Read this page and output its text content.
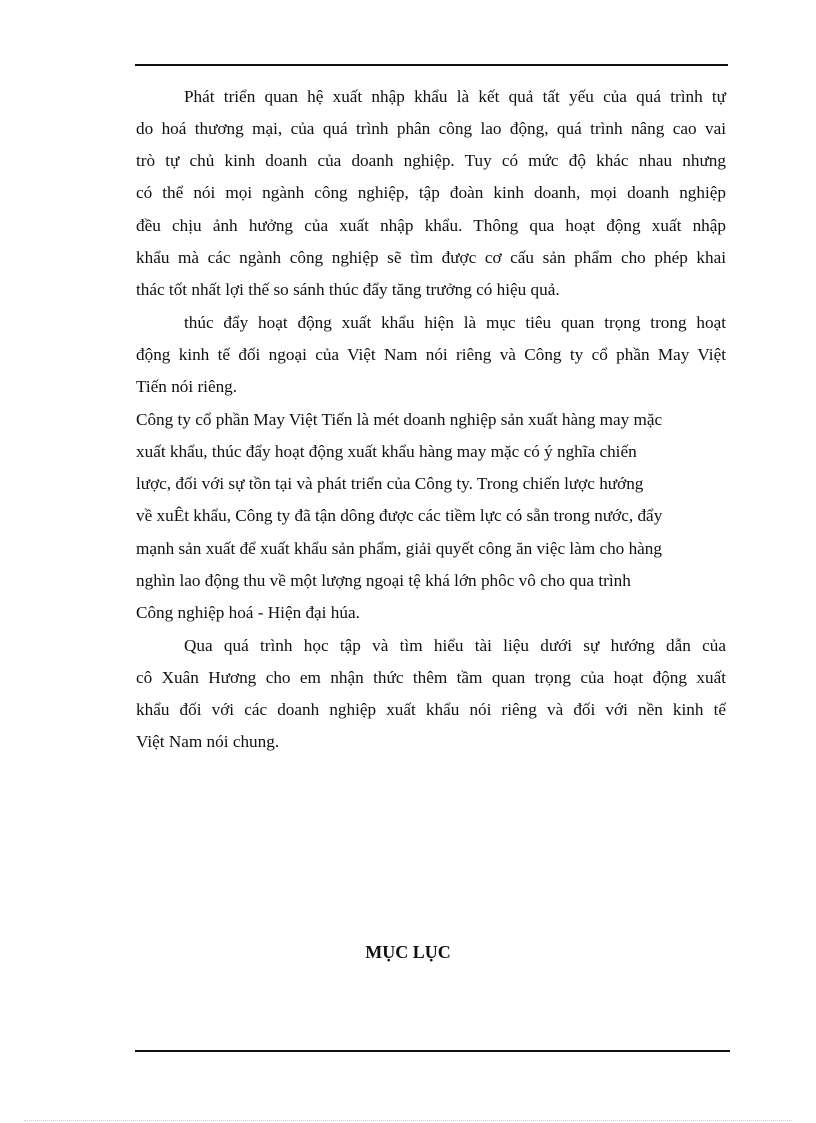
Phát triển quan hệ xuất nhập khẩu là kết quả tất yếu của quá trình tự
do hoá thương mại, của quá trình phân công lao động, quá trình nâng cao vai
trò tự chủ kinh doanh của doanh nghiệp. Tuy có mức độ khác nhau nhưng
có thể nói mọi ngành công nghiệp, tập đoàn kinh doanh, mọi doanh nghiệp
đều chịu ảnh hưởng của xuất nhập khẩu. Thông qua hoạt động xuất nhập
khẩu mà các ngành công nghiệp sẽ tìm được cơ cấu sản phẩm cho phép khai
thác tốt nhất lợi thế so sánh thúc đẩy tăng trưởng có hiệu quả.
thúc đẩy hoạt động xuất khẩu hiện là mục tiêu quan trọng trong hoạt
động kinh tế đối ngoại của Việt Nam nói riêng và Công ty cổ phần May Việt
Tiến nói riêng.
Công ty cổ phần May Việt Tiến là mét doanh nghiệp sản xuất hàng may mặc
xuất khẩu, thúc đẩy hoạt động xuất khẩu hàng may mặc có ý nghĩa chiến
lược, đối với sự tồn tại và phát triển của Công ty. Trong chiến lược hướng
về xuÊt khẩu, Công ty đã tận dông được các tiềm lực có sẵn trong nước, đẩy
mạnh sản xuất để xuất khẩu sản phẩm, giải quyết công ăn việc làm cho hàng
nghìn lao động thu về một lượng ngoại tệ khá lớn phôc vô cho qua trình
Công nghiệp hoá - Hiện đại húa.
Qua quá trình học tập và tìm hiểu tài liệu dưới sự hướng dẫn của
cô Xuân Hương cho em nhận thức thêm tầm quan trọng của hoạt động xuất
khẩu đối với các doanh nghiệp xuất khẩu nói riêng và đối với nền kinh tế
Việt Nam nói chung.
MỤC LỤC
